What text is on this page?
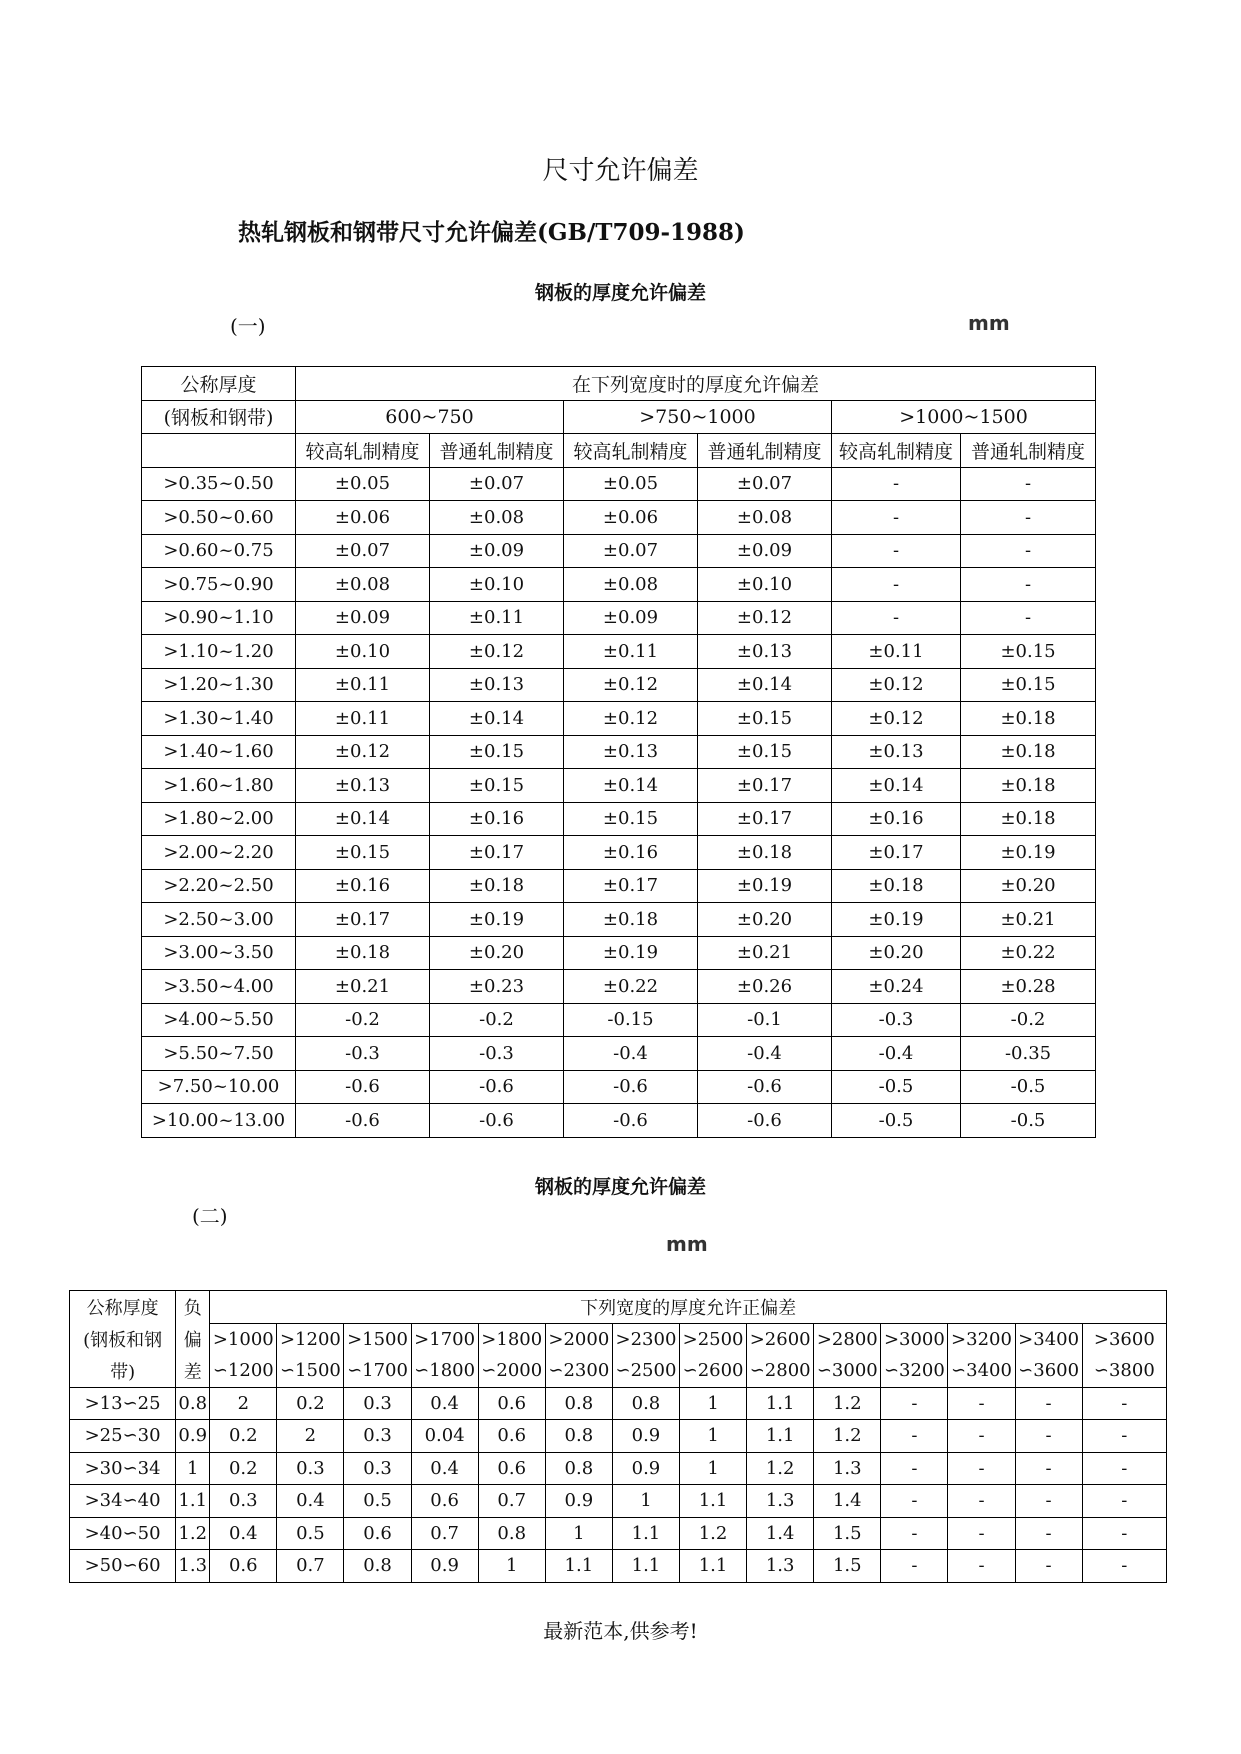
尺寸允许偏差
热轧钢板和钢带尺寸允许偏差(GB/T709-1988)
钢板的厚度允许偏差
(一)	mm
公称厚度	在下列宽度时的厚度允许偏差					
(钢板和钢带)	600~750		>750~1000		>1000~1500	
	较高轧制精度	普通轧制精度	较高轧制精度	普通轧制精度	较高轧制精度	普通轧制精度
>0.35~0.50	±0.05	±0.07	±0.05	±0.07	-	-
>0.50~0.60	±0.06	±0.08	±0.06	±0.08	-	-
>0.60~0.75	±0.07	±0.09	±0.07	±0.09	-	-
>0.75~0.90	±0.08	±0.10	±0.08	±0.10	-	-
>0.90~1.10	±0.09	±0.11	±0.09	±0.12	-	-
>1.10~1.20	±0.10	±0.12	±0.11	±0.13	±0.11	±0.15
>1.20~1.30	±0.11	±0.13	±0.12	±0.14	±0.12	±0.15
>1.30~1.40	±0.11	±0.14	±0.12	±0.15	±0.12	±0.18
>1.40~1.60	±0.12	±0.15	±0.13	±0.15	±0.13	±0.18
>1.60~1.80	±0.13	±0.15	±0.14	±0.17	±0.14	±0.18
>1.80~2.00	±0.14	±0.16	±0.15	±0.17	±0.16	±0.18
>2.00~2.20	±0.15	±0.17	±0.16	±0.18	±0.17	±0.19
>2.20~2.50	±0.16	±0.18	±0.17	±0.19	±0.18	±0.20
>2.50~3.00	±0.17	±0.19	±0.18	±0.20	±0.19	±0.21
>3.00~3.50	±0.18	±0.20	±0.19	±0.21	±0.20	±0.22
>3.50~4.00	±0.21	±0.23	±0.22	±0.26	±0.24	±0.28
>4.00~5.50	-0.2	-0.2	-0.15	-0.1	-0.3	-0.2
>5.50~7.50	-0.3	-0.3	-0.4	-0.4	-0.4	-0.35
>7.50~10.00	-0.6	-0.6	-0.6	-0.6	-0.5	-0.5
>10.00~13.00	-0.6	-0.6	-0.6	-0.6	-0.5	-0.5
钢板的厚度允许偏差
(二)
mm
公称厚度	负	下列宽度的厚度允许正偏差													
(钢板和钢	偏	>1000	>1200	>1500	>1700	>1800	>2000	>2300	>2500	>2600	>2800	>3000	>3200	>3400	>3600
带)	差	∽1200	∽1500	∽1700	∽1800	∽2000	∽2300	∽2500	∽2600	∽2800	∽3000	∽3200	∽3400	∽3600	∽3800
>13∽25	0.8	2	0.2	0.3	0.4	0.6	0.8	0.8	1	1.1	1.2	-	-	-	-
>25∽30	0.9	0.2	2	0.3	0.04	0.6	0.8	0.9	1	1.1	1.2	-	-	-	-
>30∽34	1	0.2	0.3	0.3	0.4	0.6	0.8	0.9	1	1.2	1.3	-	-	-	-
>34∽40	1.1	0.3	0.4	0.5	0.6	0.7	0.9	1	1.1	1.3	1.4	-	-	-	-
>40∽50	1.2	0.4	0.5	0.6	0.7	0.8	1	1.1	1.2	1.4	1.5	-	-	-	-
>50∽60	1.3	0.6	0.7	0.8	0.9	1	1.1	1.1	1.1	1.3	1.5	-	-	-	-
最新范本,供参考!
